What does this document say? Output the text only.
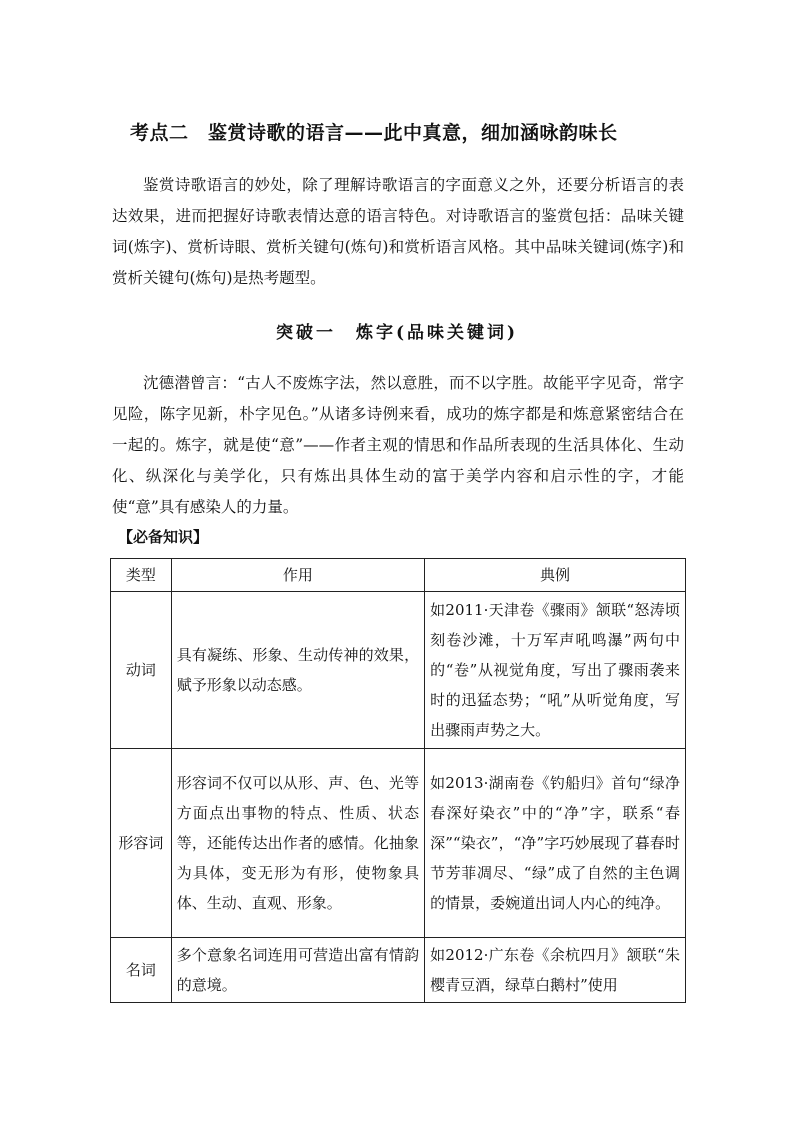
考点二　鉴赏诗歌的语言——此中真意，细加涵咏韵味长
鉴赏诗歌语言的妙处，除了理解诗歌语言的字面意义之外，还要分析语言的表达效果，进而把握好诗歌表情达意的语言特色。对诗歌语言的鉴赏包括：品味关键词(炼字)、赏析诗眼、赏析关键句(炼句)和赏析语言风格。其中品味关键词(炼字)和赏析关键句(炼句)是热考题型。
突破一　炼字(品味关键词)
沈德潜曾言：“古人不废炼字法，然以意胜，而不以字胜。故能平字见奇，常字见险，陈字见新，朴字见色。”从诸多诗例来看，成功的炼字都是和炼意紧密结合在一起的。炼字，就是使“意”——作者主观的情思和作品所表现的生活具体化、生动化、纵深化与美学化，只有炼出具体生动的富于美学内容和启示性的字，才能使“意”具有感染人的力量。
【必备知识】
类型	作用	典例
动词	具有凝练、形象、生动传神的效果，赋予形象以动态感。	如2011·天津卷《骤雨》颔联“怒涛顷刻卷沙滩，十万军声吼鸣瀑”两句中的“卷”从视觉角度，写出了骤雨袭来时的迅猛态势；“吼”从听觉角度，写出骤雨声势之大。
形容词	形容词不仅可以从形、声、色、光等方面点出事物的特点、性质、状态等，还能传达出作者的感情。化抽象为具体，变无形为有形，使物象具体、生动、直观、形象。	如2013·湖南卷《钓船归》首句“绿净春深好染衣”中的“净”字，联系“春深”“染衣”，“净”字巧妙展现了暮春时节芳菲凋尽、“绿”成了自然的主色调的情景，委婉道出词人内心的纯净。
名词	多个意象名词连用可营造出富有情韵的意境。	如2012·广东卷《余杭四月》颔联“朱樱青豆酒，绿草白鹅村”使用
